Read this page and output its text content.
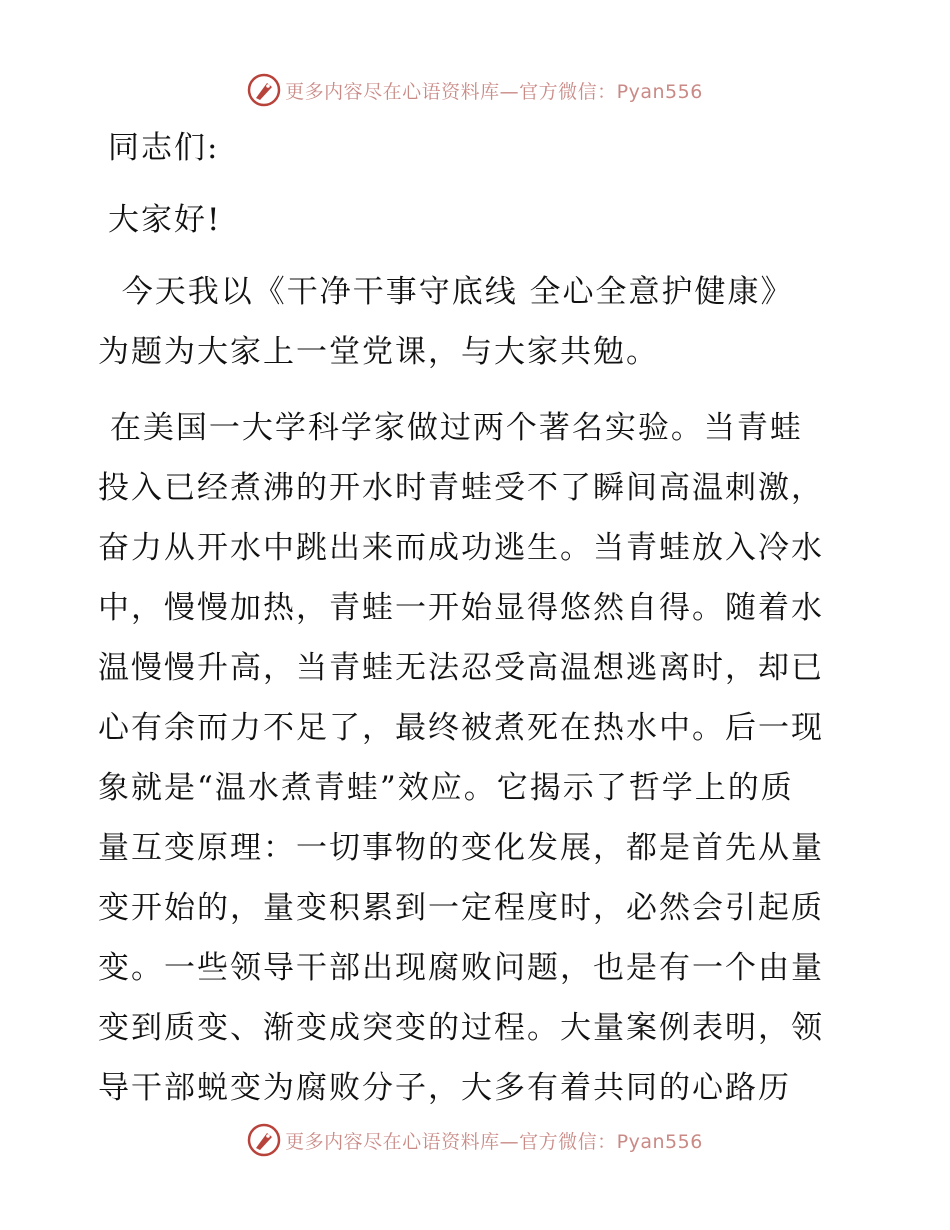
更多内容尽在心语资料库—官方微信：Pyan556
同志们:
大家好!
今天我以《干净干事守底线 全心全意护健康》
为题为大家上一堂党课，与大家共勉。
在美国一大学科学家做过两个著名实验。当青蛙
投入已经煮沸的开水时青蛙受不了瞬间高温刺激，
奋力从开水中跳出来而成功逃生。当青蛙放入冷水
中，慢慢加热，青蛙一开始显得悠然自得。随着水
温慢慢升高，当青蛙无法忍受高温想逃离时，却已
心有余而力不足了，最终被煮死在热水中。后一现
象就是“温水煮青蛙”效应。它揭示了哲学上的质
量互变原理：一切事物的变化发展，都是首先从量
变开始的，量变积累到一定程度时，必然会引起质
变。一些领导干部出现腐败问题，也是有一个由量
变到质变、渐变成突变的过程。大量案例表明，领
导干部蜕变为腐败分子，大多有着共同的心路历
更多内容尽在心语资料库—官方微信：Pyan556
